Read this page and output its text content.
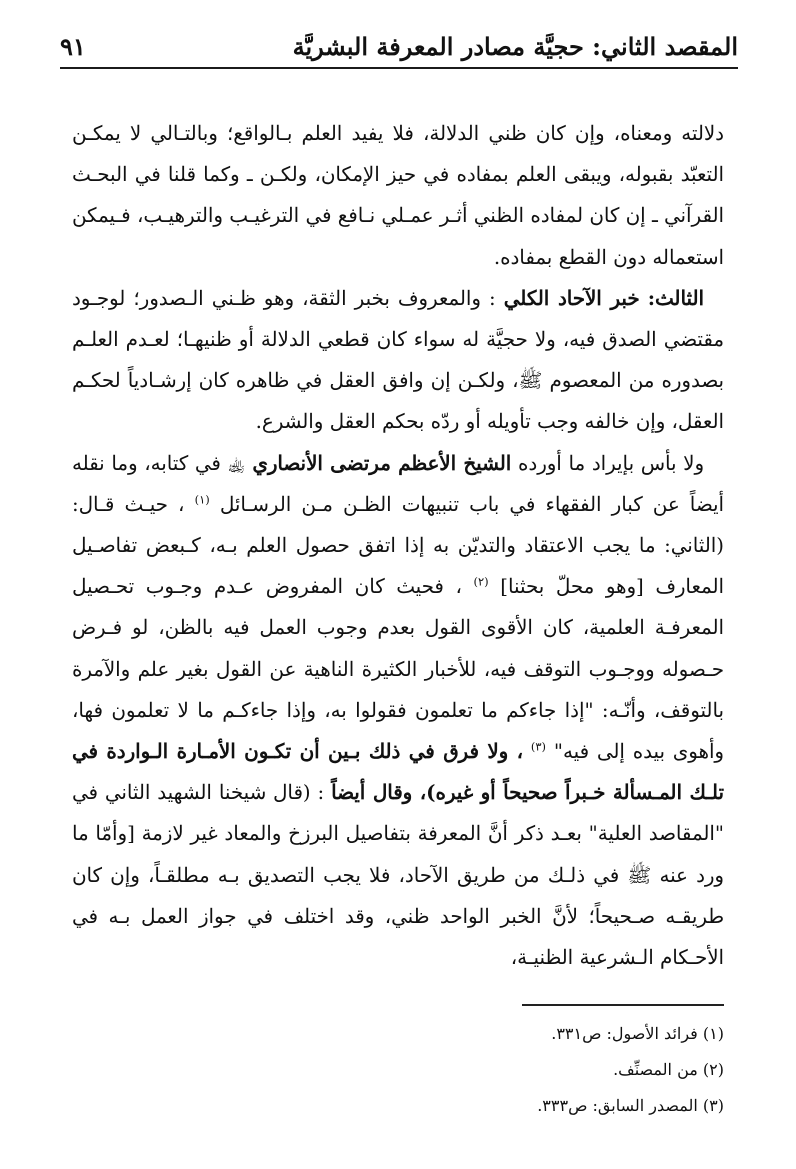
المقصد الثاني: حجيَّة مصادر المعرفة البشريَّة
٩١

دلالته ومعناه، وإن كان ظني الدلالة، فلا يفيد العلم بـالواقع؛ وبالتـالي لا يمكـن التعبّد بقبوله، ويبقى العلم بمفاده في حيز الإمكان، ولكـن ـ وكما قلنا في البحـث القرآني ـ إن كان لمفاده الظني أثـر عمـلي نـافع في الترغيـب والترهيـب، فـيمكن استعماله دون القطع بمفاده.

الثالث: خبر الآحاد الكلي : والمعروف بخبر الثقة، وهو ظـني الـصدور؛ لوجـود مقتضي الصدق فيه، ولا حجيَّة له سواء كان قطعي الدلالة أو ظنيهـا؛ لعـدم العلـم بصدوره من المعصوم ﷺ، ولكـن إن وافق العقل في ظاهره كان إرشـادياً لحكـم العقل، وإن خالفه وجب تأويله أو ردّه بحكم العقل والشرع.

ولا بأس بإيراد ما أورده الشيخ الأعظم مرتضى الأنصاري ﵀ في كتابه، وما نقله أيضاً عن كبار الفقهاء في باب تنبيهات الظـن مـن الرسـائل $^{(١)}$ ، حيـث قـال: (الثاني: ما يجب الاعتقاد والتديّن به إذا اتفق حصول العلم بـه، كـبعض تفاصـيل المعارف [وهو محلّ بحثنا] $^{(٢)}$ ، فحيث كان المفروض عـدم وجـوب تحـصيل المعرفـة العلمية، كان الأقوى القول بعدم وجوب العمل فيه بالظن، لو فـرض حـصوله ووجـوب التوقف فيه، للأخبار الكثيرة الناهية عن القول بغير علم والآمرة بالتوقف، وأنّـه: "إذا جاءكم ما تعلمون فقولوا به، وإذا جاءكـم ما لا تعلمون فها، وأهوى بيده إلى فيه" $^{(٣)}$ ، ولا فرق في ذلك بـين أن تكـون الأمـارة الـواردة في تلـك المـسألة خـبراً صحيحاً أو غيره)، وقال أيضاً : (قال شيخنا الشهيد الثاني في "المقاصد العلية" بعـد ذكر أنَّ المعرفة بتفاصيل البرزخ والمعاد غير لازمة [وأمّا ما ورد عنه ﷺ في ذلـك من طريق الآحاد، فلا يجب التصديق بـه مطلقـاً، وإن كان طريقـه صـحيحاً؛ لأنَّ الخبر الواحد ظني، وقد اختلف في جواز العمل بـه في الأحـكام الـشرعية الظنيـة،

(١) فرائد الأصول: ص٣٣١.

(٢) من المصنِّف.

(٣) المصدر السابق: ص٣٣٣.
